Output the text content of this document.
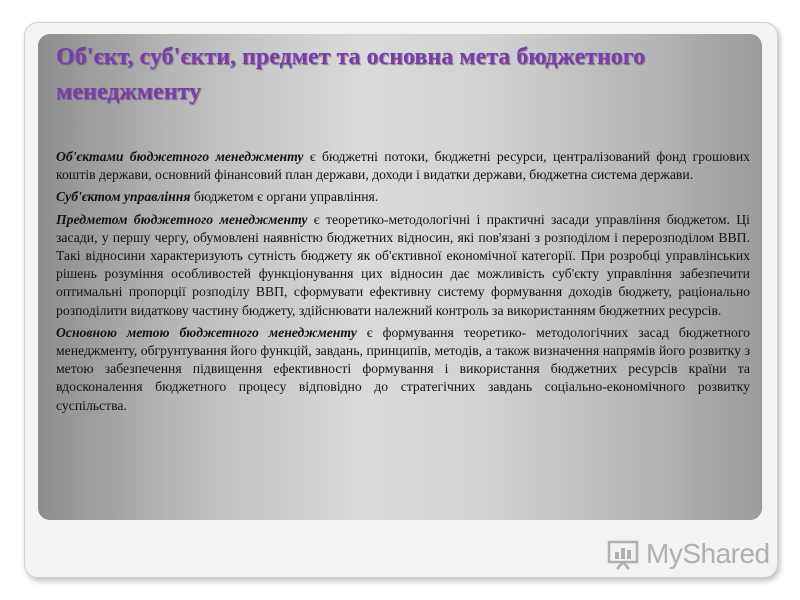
Об'єкт, суб'єкти, предмет та основна мета бюджетного менеджменту

Об'єктами бюджетного менеджменту є бюджетні потоки, бюджетні ресурси, централізований фонд грошових коштів держави, основний фінансовий план держави, доходи і видатки держави, бюджетна система держави.

Суб'єктом управління бюджетом є органи управління.

Предметом бюджетного менеджменту є теоретико-методологічні і практичні засади управління бюджетом. Ці засади, у першу чергу, обумовлені наявністю бюджетних відносин, які пов'язані з розподілом і перерозподілом ВВП. Такі відносини характеризують сутність бюджету як об'єктивної економічної категорії. При розробці управлінських рішень розуміння особливостей функціонування цих відносин дає можливість суб'єкту управління забезпечити оптимальні пропорції розподілу ВВП, сформувати ефективну систему формування доходів бюджету, раціонально розподілити видаткову частину бюджету, здійснювати належний контроль за використанням бюджетних ресурсів.

Основною метою бюджетного менеджменту є формування теоретико- методологічних засад бюджетного менеджменту, обгрунтування його функцій, завдань, принципів, методів, а також визначення напрямів його розвитку з метою забезпечення підвищення ефективності формування і використання бюджетних ресурсів країни та вдосконалення бюджетного процесу відповідно до стратегічних завдань соціально-економічного розвитку суспільства.

MyShared
